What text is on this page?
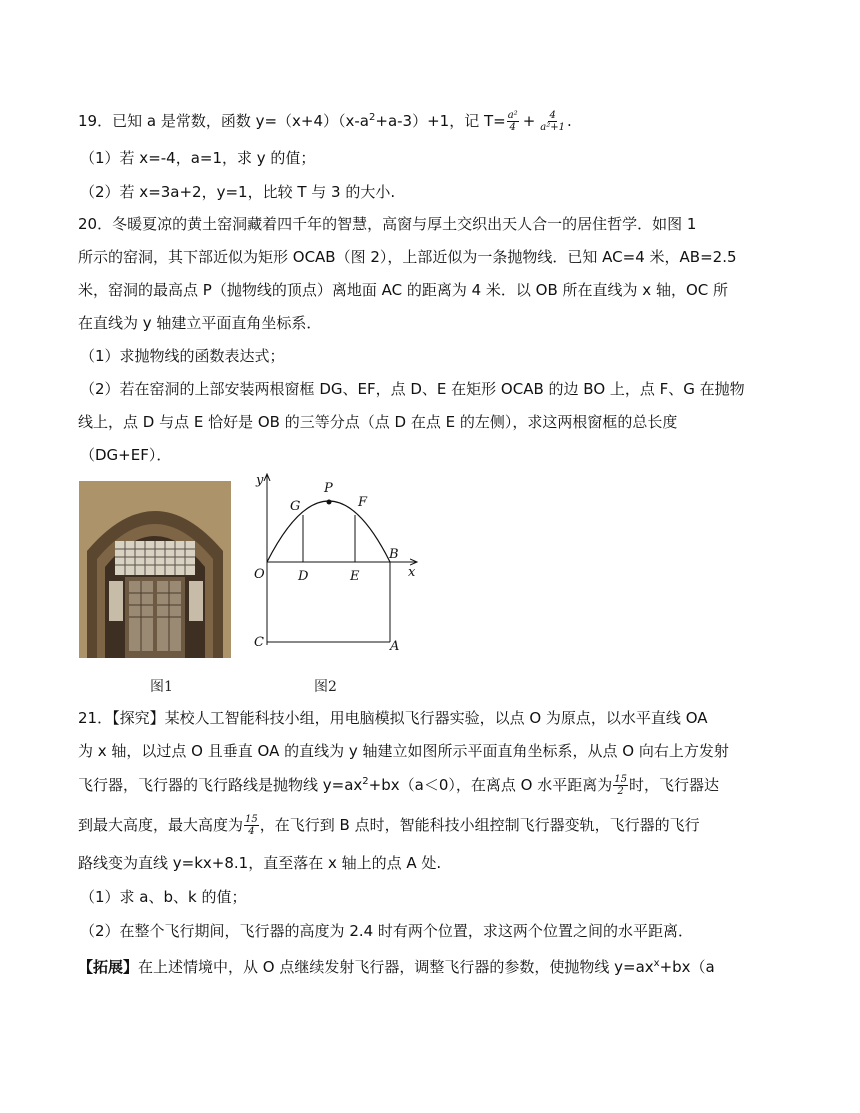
19．已知 a 是常数，函数 $y=(x+4)(x-a^2+a-3)+1$，记 $T= \frac{\text{a²}}{4} + \frac{4}{\text{a²+1}}$ .
（1）若 x=-4，a=1，求 y 的值；
（2）若 x=3a+2，y=1，比较 T 与 3 的大小.
20．冬暖夏凉的黄土窑洞藏着四千年的智慧，高窗与厚土交织出天人合一的居住哲学．如图 1
所示的窑洞，其下部近似为矩形 OCAB（图 2），上部近似为一条抛物线．已知 AC=4 米，AB=2.5
米，窑洞的最高点 P（抛物线的顶点）离地面 AC 的距离为 4 米．以 OB 所在直线为 x 轴，OC 所
在直线为 y 轴建立平面直角坐标系．
（1）求抛物线的函数表达式；
（2）若在窑洞的上部安装两根窗框 DG、EF，点 D、E 在矩形 OCAB 的边 BO 上，点 F、G 在抛物
线上，点 D 与点 E 恰好是 OB 的三等分点（点 D 在点 E 的左侧），求这两根窗框的总长度
（DG+EF）．
图1
y
x
O	D	E
B
G
P
F
C	A
图2
21．【探究】某校人工智能科技小组，用电脑模拟飞行器实验，以点 O 为原点，以水平直线 OA
为 x 轴，以过点 O 且垂直 OA 的直线为 y 轴建立如图所示平面直角坐标系，从点 O 向右上方发射
飞行器，飞行器的飞行路线是抛物线 $y=ax^2+bx(a<0)$，在离点 O 水平距离为 $\frac{15}{2}$ 时，飞行器达
到最大高度，最大高度为 $\frac{15}{4}$ ，在飞行到 B 点时，智能科技小组控制飞行器变轨，飞行器的飞行
路线变为直线 y=kx+8.1，直至落在 x 轴上的点 A 处.
（1）求 a、b、k 的值；
（2）在整个飞行期间，飞行器的高度为 2.4 时有两个位置，求这两个位置之间的水平距离．
【拓展】在上述情境中，从 O 点继续发射飞行器，调整飞行器的参数，使抛物线 $y=ax^x+bx(a$
